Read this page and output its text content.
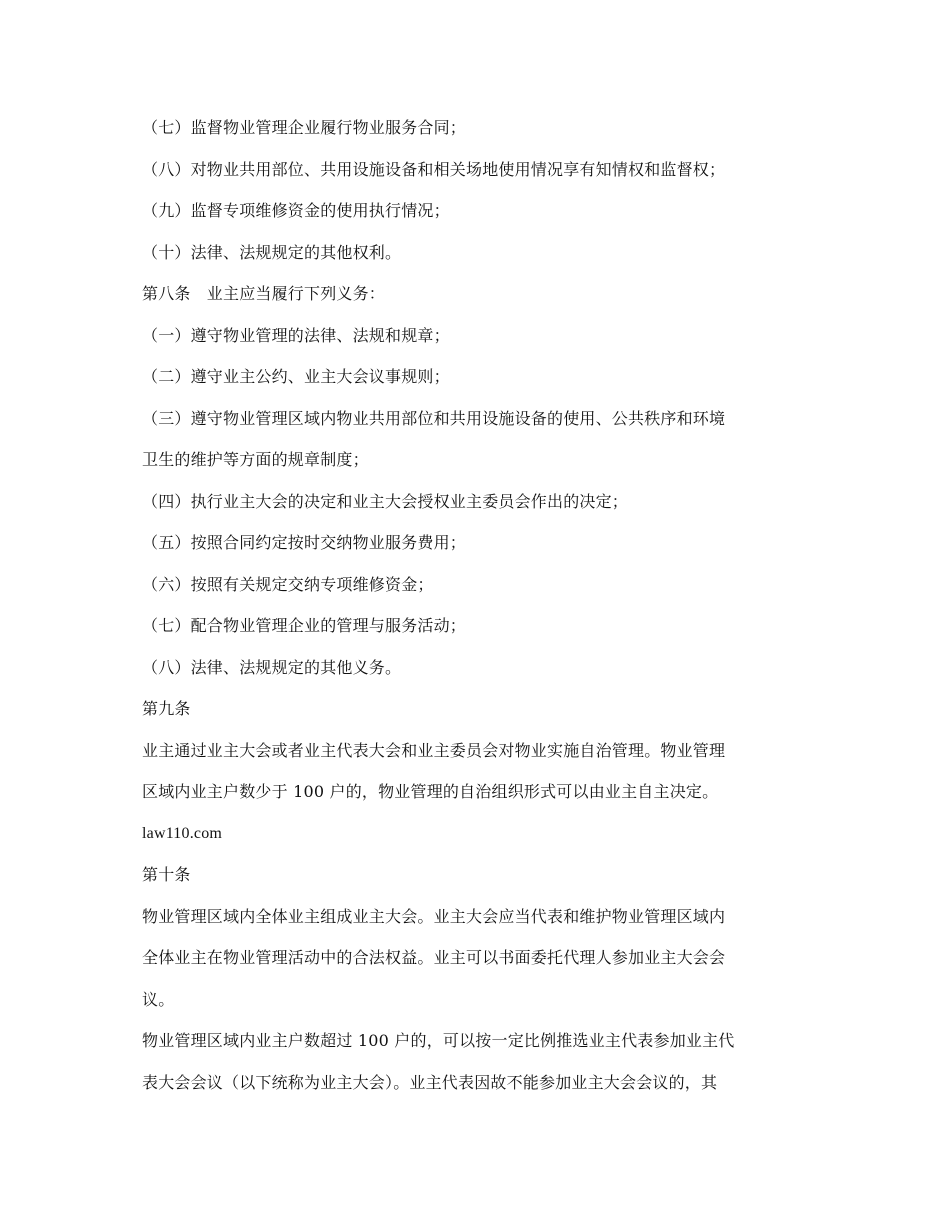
（七）监督物业管理企业履行物业服务合同；
（八）对物业共用部位、共用设施设备和相关场地使用情况享有知情权和监督权；
（九）监督专项维修资金的使用执行情况；
（十）法律、法规规定的其他权利。
第八条　业主应当履行下列义务：
（一）遵守物业管理的法律、法规和规章；
（二）遵守业主公约、业主大会议事规则；
（三）遵守物业管理区域内物业共用部位和共用设施设备的使用、公共秩序和环境
卫生的维护等方面的规章制度；
（四）执行业主大会的决定和业主大会授权业主委员会作出的决定；
（五）按照合同约定按时交纳物业服务费用；
（六）按照有关规定交纳专项维修资金；
（七）配合物业管理企业的管理与服务活动；
（八）法律、法规规定的其他义务。
第九条
业主通过业主大会或者业主代表大会和业主委员会对物业实施自治管理。物业管理
区域内业主户数少于 100 户的，物业管理的自治组织形式可以由业主自主决定。
law110.com
第十条
物业管理区域内全体业主组成业主大会。业主大会应当代表和维护物业管理区域内
全体业主在物业管理活动中的合法权益。业主可以书面委托代理人参加业主大会会
议。
物业管理区域内业主户数超过 100 户的，可以按一定比例推选业主代表参加业主代
表大会会议（以下统称为业主大会）。业主代表因故不能参加业主大会会议的，其
